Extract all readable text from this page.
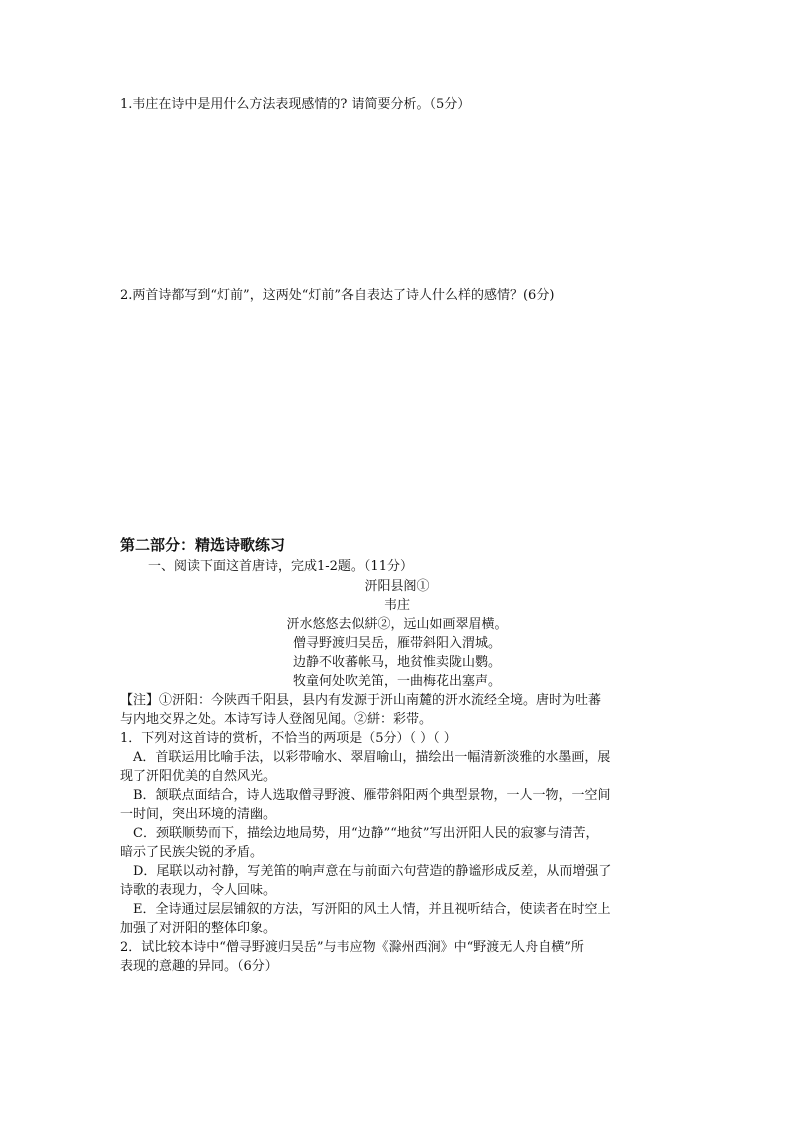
1.韦庄在诗中是用什么方法表现感情的? 请简要分析。（5分）
2.两首诗都写到“灯前”，这两处“灯前”各自表达了诗人什么样的感情？(6分)
第二部分：精选诗歌练习
一、阅读下面这首唐诗，完成1-2题。（11分）
汧阳县阁①
韦庄
汧水悠悠去似絣②，远山如画翠眉横。
僧寻野渡归吴岳，雁带斜阳入渭城。
边静不收蕃帐马，地贫惟卖陇山鹦。
牧童何处吹羌笛，一曲梅花出塞声。
【注】①汧阳：今陕西千阳县，县内有发源于汧山南麓的汧水流经全境。唐时为吐蕃
与内地交界之处。本诗写诗人登阁见闻。②絣：彩带。
1．下列对这首诗的赏析，不恰当的两项是（5分）（ ）（ ）
A．首联运用比喻手法，以彩带喻水、翠眉喻山，描绘出一幅清新淡雅的水墨画，展
现了汧阳优美的自然风光。
B．颔联点面结合，诗人选取僧寻野渡、雁带斜阳两个典型景物，一人一物，一空间
一时间，突出环境的清幽。
C．颈联顺势而下，描绘边地局势，用“边静”“地贫”写出汧阳人民的寂寥与清苦，
暗示了民族尖锐的矛盾。
D．尾联以动衬静，写羌笛的响声意在与前面六句营造的静谧形成反差，从而增强了
诗歌的表现力，令人回味。
E．全诗通过层层铺叙的方法，写汧阳的风土人情，并且视听结合，使读者在时空上
加强了对汧阳的整体印象。
2．试比较本诗中“僧寻野渡归吴岳”与韦应物《滁州西涧》中“野渡无人舟自横”所
表现的意趣的异同。（6分）
